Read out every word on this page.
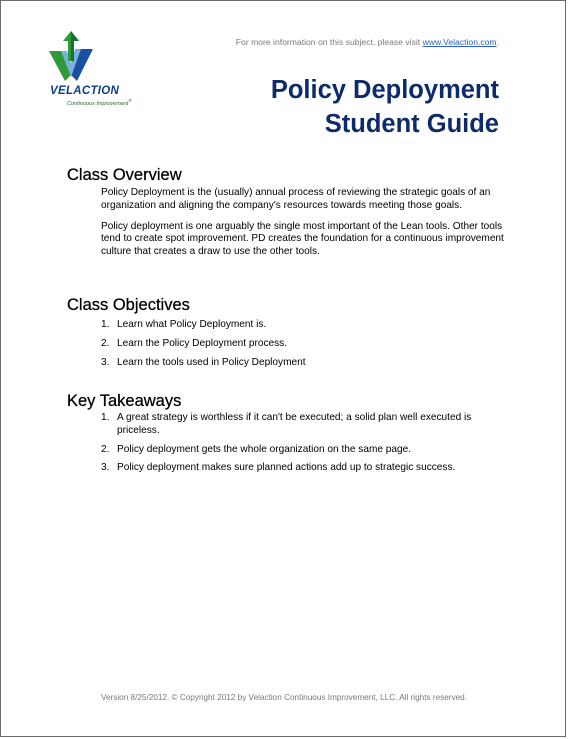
VELACTION
Continuous Improvement®
For more information on this subject, please visit www.Velaction.com.
Policy Deployment
Student Guide
Class Overview

Policy Deployment is the (usually) annual process of reviewing the strategic goals of an organization and aligning the company's resources towards meeting those goals.

Policy deployment is one arguably the single most important of the Lean tools. Other tools tend to create spot improvement. PD creates the foundation for a continuous improvement culture that creates a draw to use the other tools.

Class Objectives
1. Learn what Policy Deployment is.
2. Learn the Policy Deployment process.
3. Learn the tools used in Policy Deployment
Key Takeaways
1. A great strategy is worthless if it can't be executed; a solid plan well executed is priceless.
2. Policy deployment gets the whole organization on the same page.
3. Policy deployment makes sure planned actions add up to strategic success.
Version 8/25/2012. © Copyright 2012 by Velaction Continuous Improvement, LLC. All rights reserved.
